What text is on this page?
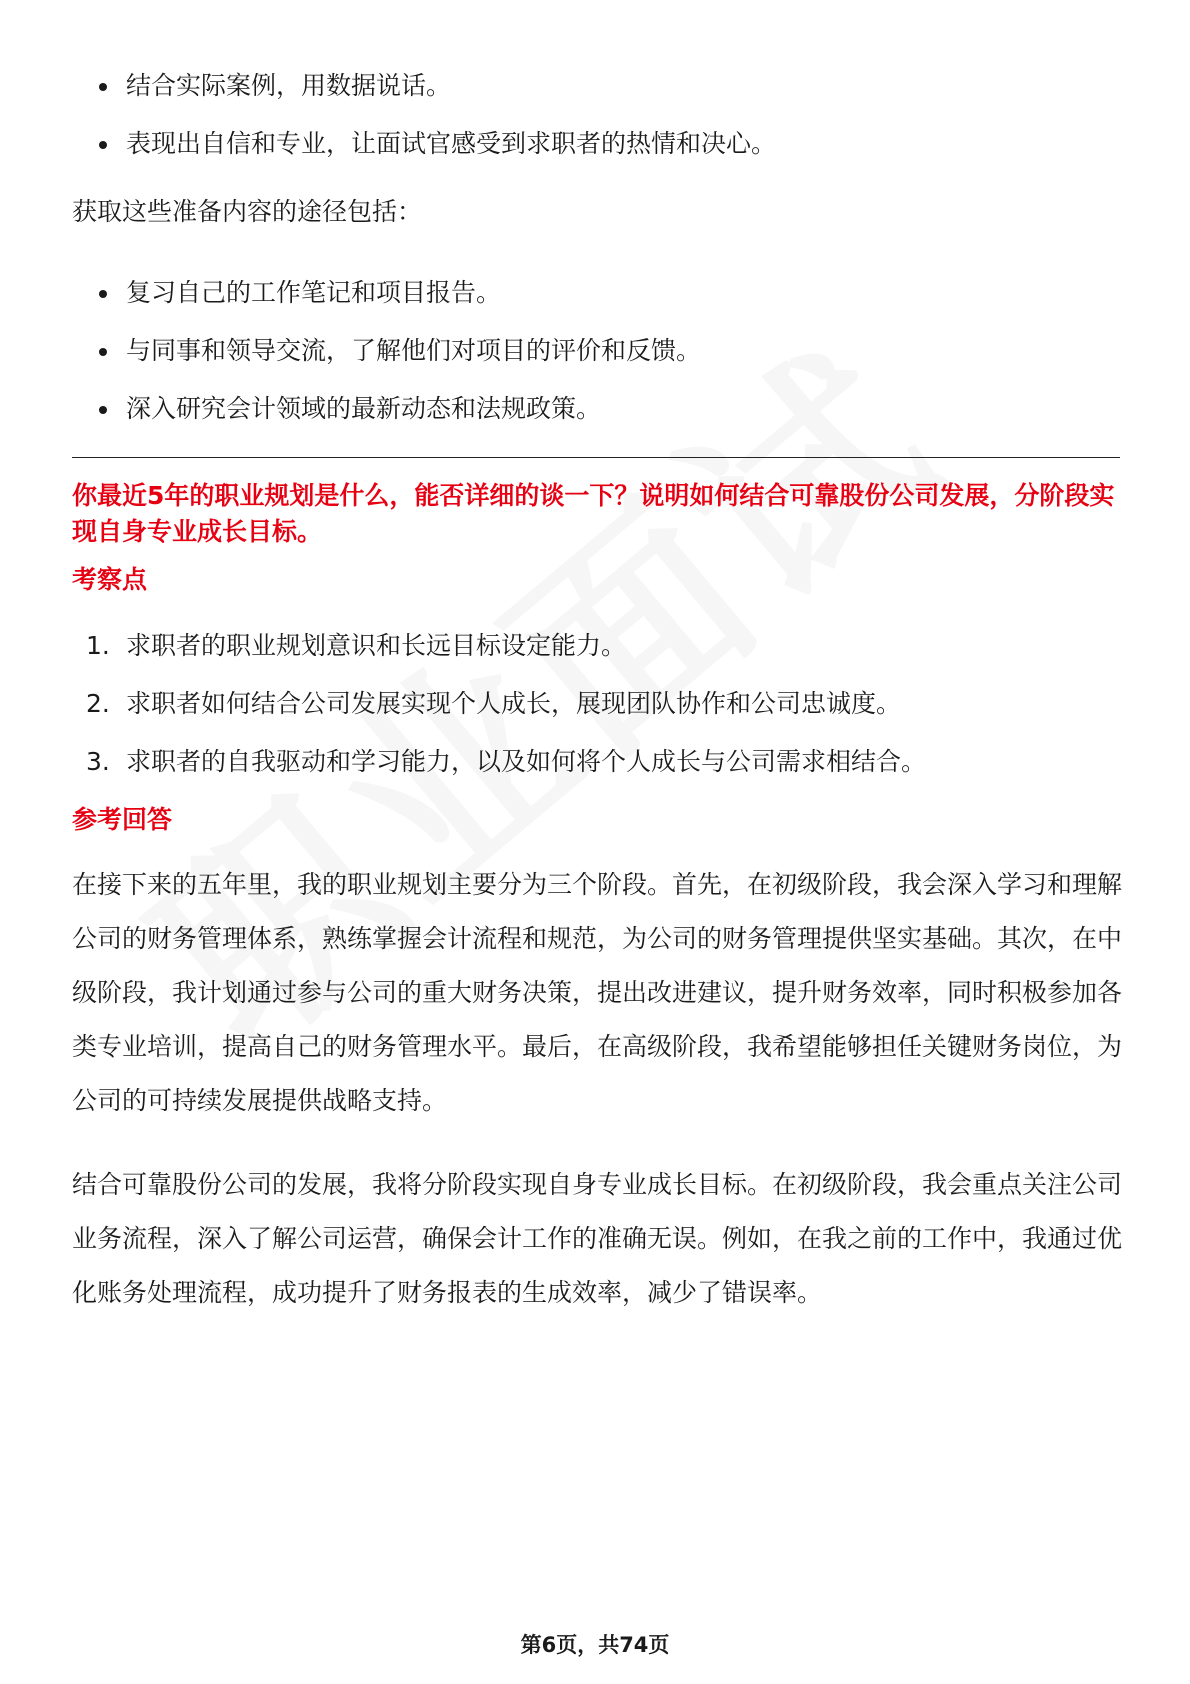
结合实际案例，用数据说话。
表现出自信和专业，让面试官感受到求职者的热情和决心。

获取这些准备内容的途径包括：

复习自己的工作笔记和项目报告。
与同事和领导交流，了解他们对项目的评价和反馈。
深入研究会计领域的最新动态和法规政策。

你最近5年的职业规划是什么，能否详细的谈一下？说明如何结合可靠股份公司发展，分阶段实现自身专业成长目标。

考察点

1. 求职者的职业规划意识和长远目标设定能力。
2. 求职者如何结合公司发展实现个人成长，展现团队协作和公司忠诚度。
3. 求职者的自我驱动和学习能力，以及如何将个人成长与公司需求相结合。

参考回答

在接下来的五年里，我的职业规划主要分为三个阶段。首先，在初级阶段，我会深入学习和理解公司的财务管理体系，熟练掌握会计流程和规范，为公司的财务管理提供坚实基础。其次，在中级阶段，我计划通过参与公司的重大财务决策，提出改进建议，提升财务效率，同时积极参加各类专业培训，提高自己的财务管理水平。最后，在高级阶段，我希望能够担任关键财务岗位，为公司的可持续发展提供战略支持。

结合可靠股份公司的发展，我将分阶段实现自身专业成长目标。在初级阶段，我会重点关注公司业务流程，深入了解公司运营，确保会计工作的准确无误。例如，在我之前的工作中，我通过优化账务处理流程，成功提升了财务报表的生成效率，减少了错误率。

第6页，共74页
